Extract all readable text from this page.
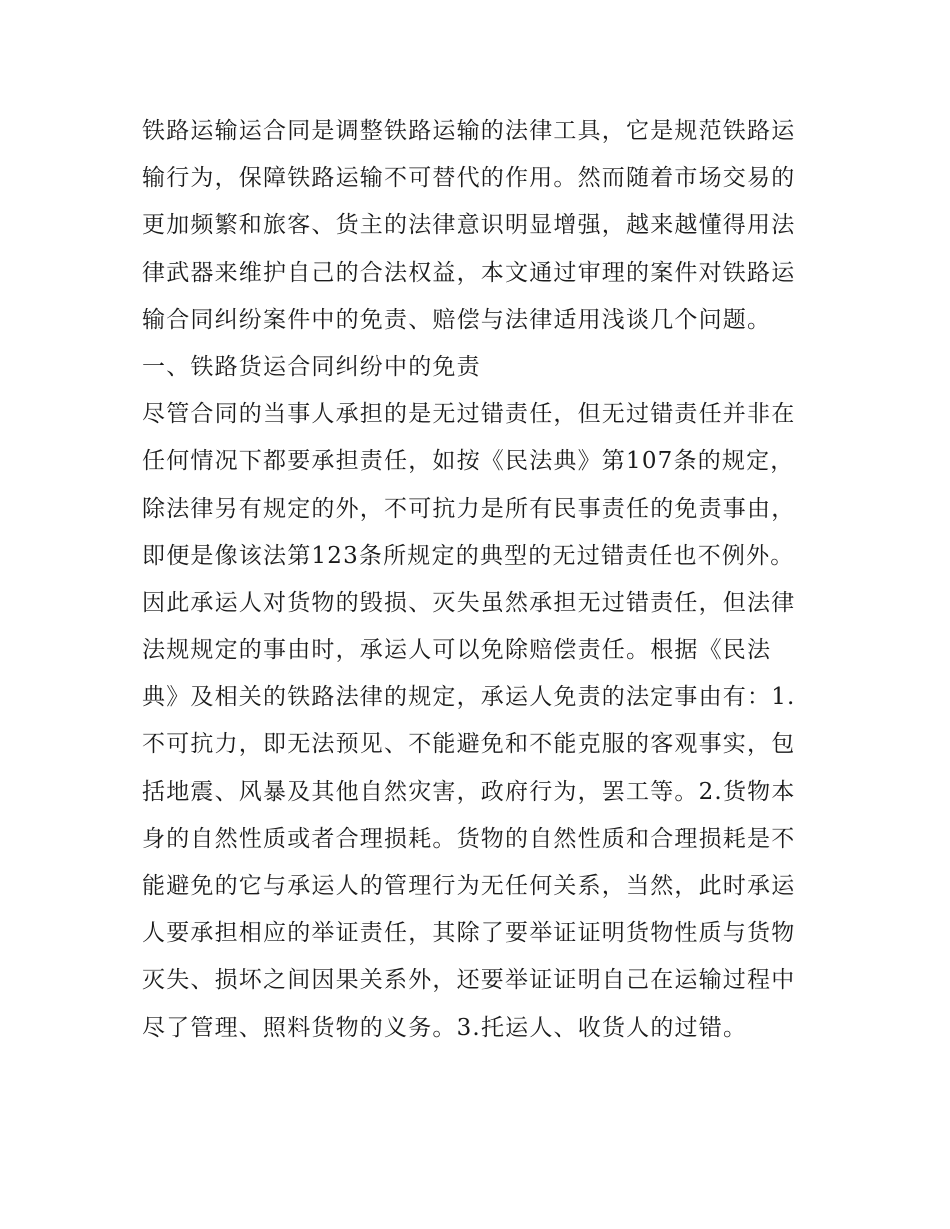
铁路运输运合同是调整铁路运输的法律工具，它是规范铁路运
输行为，保障铁路运输不可替代的作用。然而随着市场交易的
更加频繁和旅客、货主的法律意识明显增强，越来越懂得用法
律武器来维护自己的合法权益，本文通过审理的案件对铁路运
输合同纠纷案件中的免责、赔偿与法律适用浅谈几个问题。
一、铁路货运合同纠纷中的免责
尽管合同的当事人承担的是无过错责任，但无过错责任并非在
任何情况下都要承担责任，如按《民法典》第107条的规定，
除法律另有规定的外，不可抗力是所有民事责任的免责事由，
即便是像该法第123条所规定的典型的无过错责任也不例外。
因此承运人对货物的毁损、灭失虽然承担无过错责任，但法律
法规规定的事由时，承运人可以免除赔偿责任。根据《民法
典》及相关的铁路法律的规定，承运人免责的法定事由有：1.
不可抗力，即无法预见、不能避免和不能克服的客观事实，包
括地震、风暴及其他自然灾害，政府行为，罢工等。2.货物本
身的自然性质或者合理损耗。货物的自然性质和合理损耗是不
能避免的它与承运人的管理行为无任何关系，当然，此时承运
人要承担相应的举证责任，其除了要举证证明货物性质与货物
灭失、损坏之间因果关系外，还要举证证明自己在运输过程中
尽了管理、照料货物的义务。3.托运人、收货人的过错。
